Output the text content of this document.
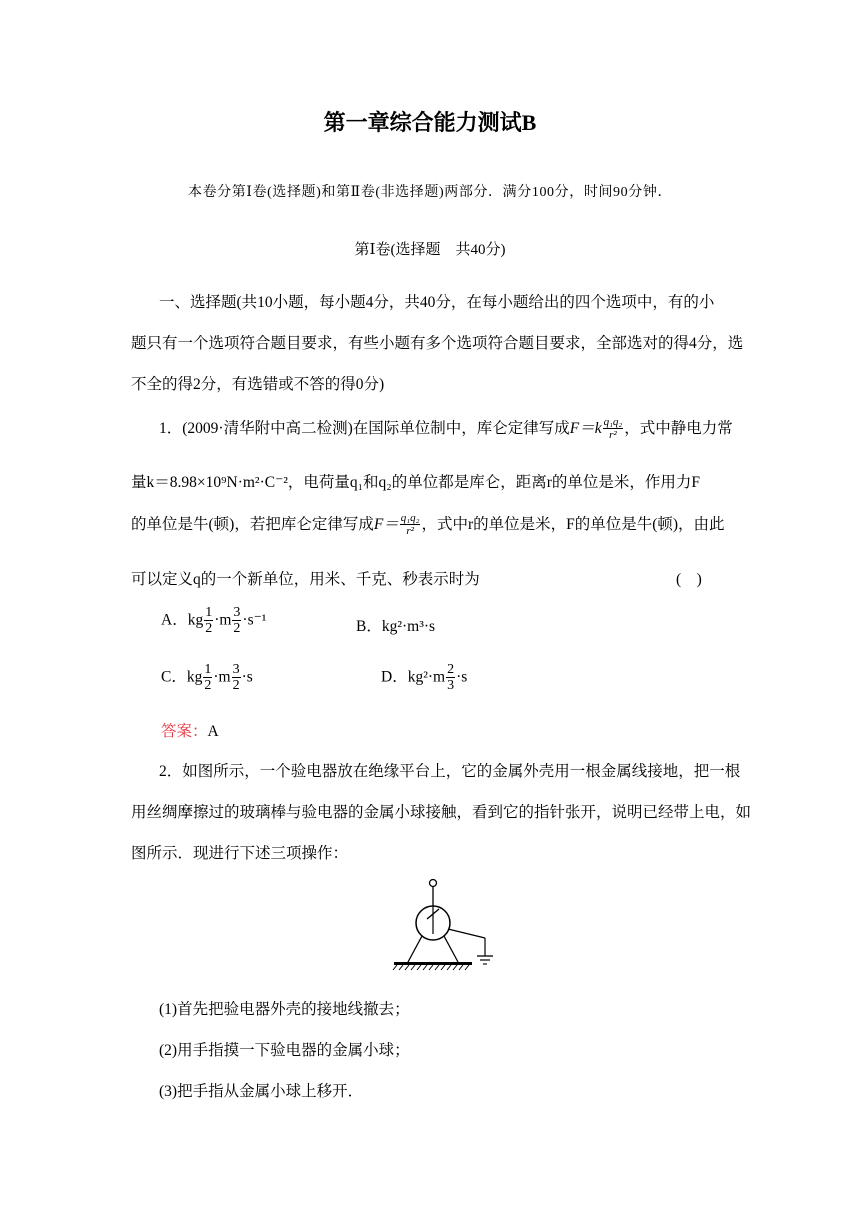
第一章综合能力测试B
本卷分第Ⅰ卷(选择题)和第Ⅱ卷(非选择题)两部分．满分100分，时间90分钟．
第Ⅰ卷(选择题　共40分)
一、选择题(共10小题，每小题4分，共40分，在每小题给出的四个选项中，有的小
题只有一个选项符合题目要求，有些小题有多个选项符合题目要求，全部选对的得4分，选
不全的得2分，有选错或不答的得0分)
1．(2009·清华附中高二检测)在国际单位制中，库仑定律写成$F=k \frac{\text{q₁q₂}}{\text{r²}}$ ，式中静电力常
量k＝8.98×10⁹N·m²·C⁻²，电荷量q₁和q₂的单位都是库仑，距离r的单位是米，作用力F
的单位是牛(顿)，若把库仑定律写成$F= \frac{\text{q₁q₂}}{\text{r²}}$ ，式中r的单位是米，F的单位是牛(顿)，由此
可以定义q的一个新单位，用米、千克、秒表示时为	(　)
A．kg $\frac{1}{2} \cdot m \frac{3}{2} \cdot s^{-1}$	B．kg²·m³·s
C．kg $\frac{1}{2} \cdot m \frac{3}{2} \cdot s$	D．$kg^2\cdot m \frac{2}{3} \cdot s$
答案：A
2．如图所示，一个验电器放在绝缘平台上，它的金属外壳用一根金属线接地，把一根
用丝绸摩擦过的玻璃棒与验电器的金属小球接触，看到它的指针张开，说明已经带上电，如
图所示．现进行下述三项操作：
(1)首先把验电器外壳的接地线撤去；
(2)用手指摸一下验电器的金属小球；
(3)把手指从金属小球上移开．
